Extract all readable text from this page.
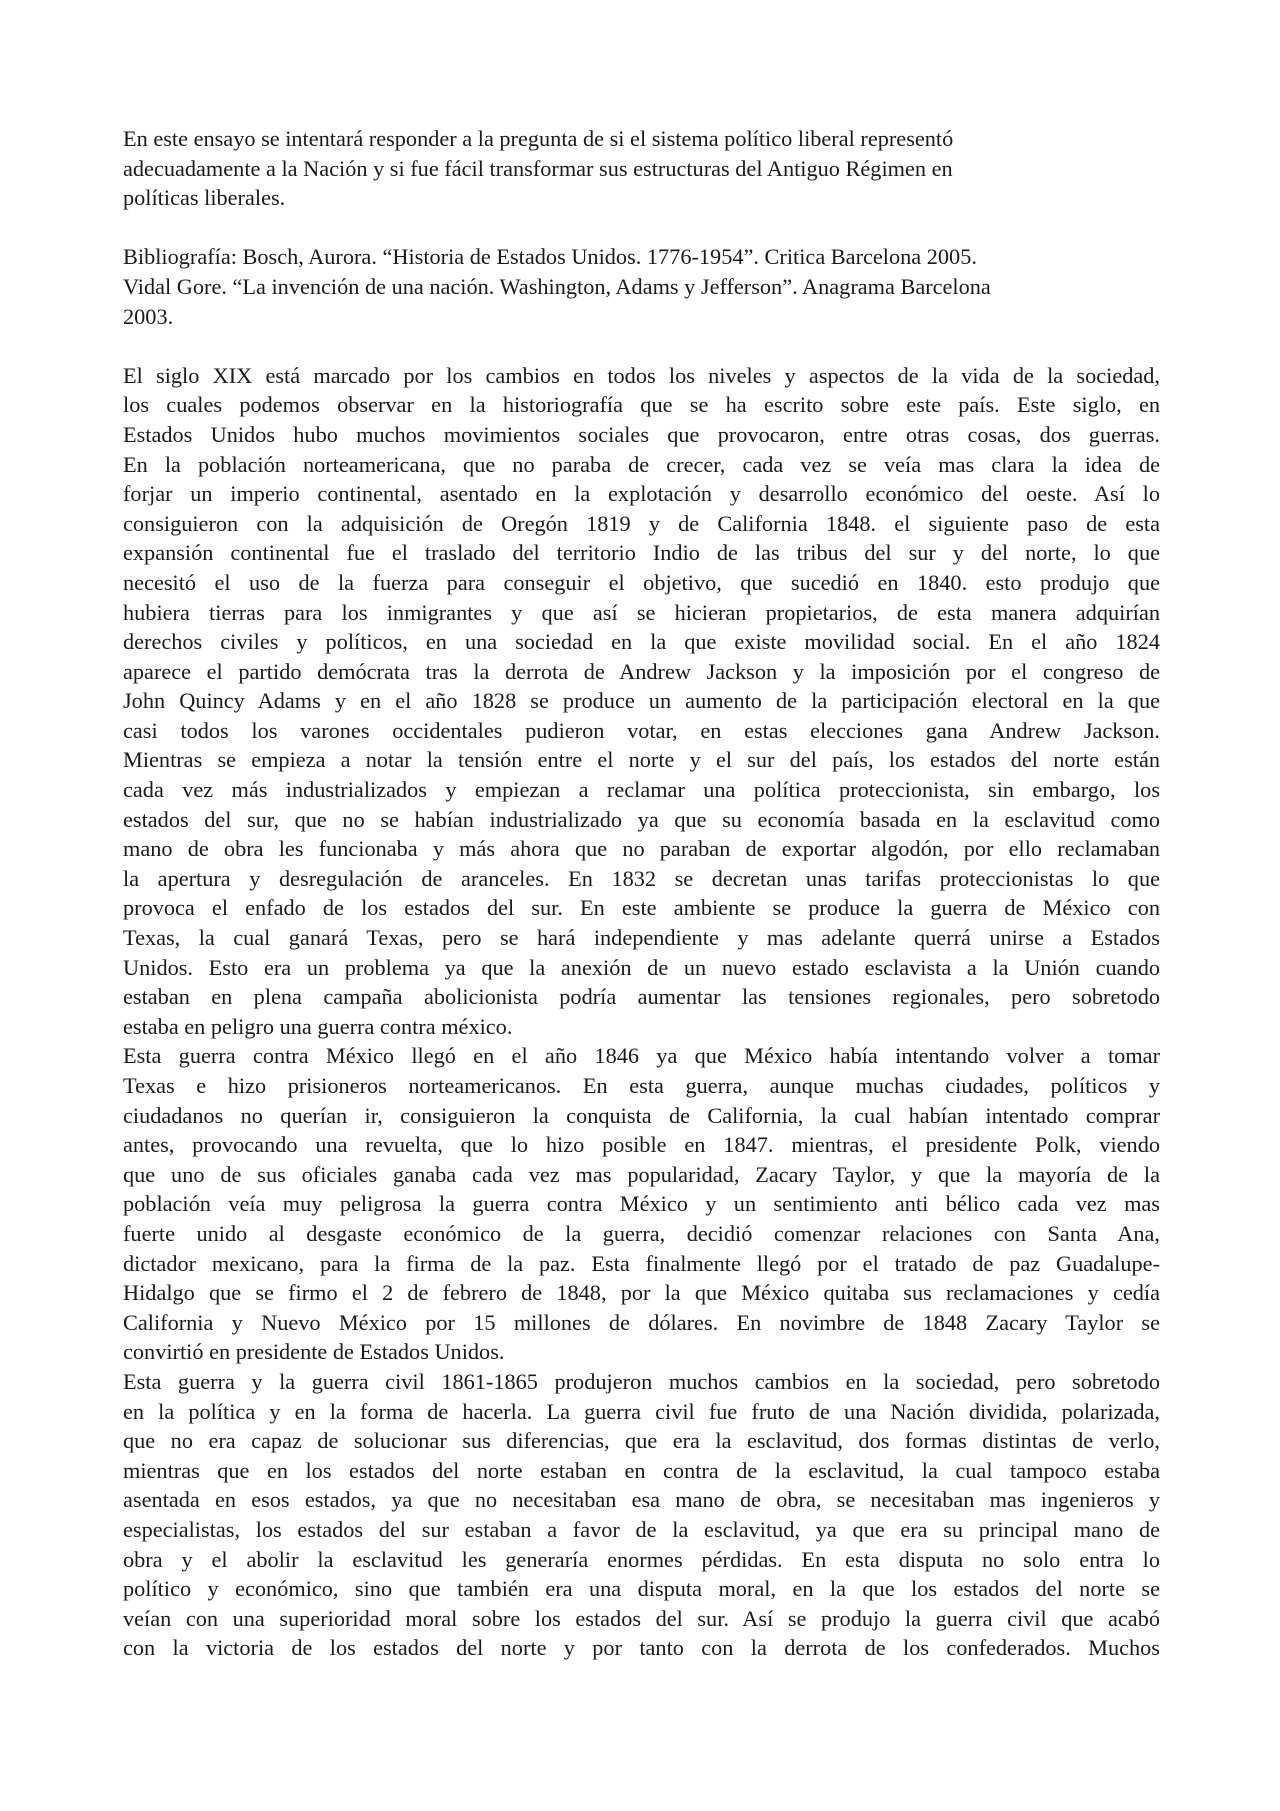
En este ensayo se intentará responder a la pregunta de si el sistema político liberal representó
adecuadamente a la Nación y si fue fácil transformar sus estructuras del Antiguo Régimen en
políticas liberales.
Bibliografía: Bosch, Aurora. “Historia de Estados Unidos. 1776-1954”. Critica Barcelona 2005.
Vidal Gore. “La invención de una nación. Washington, Adams y Jefferson”. Anagrama Barcelona
2003.
El siglo XIX está marcado por los cambios en todos los niveles y aspectos de la vida de la sociedad,
los cuales podemos observar en la historiografía que se ha escrito sobre este país. Este siglo, en
Estados Unidos hubo muchos movimientos sociales que provocaron, entre otras cosas, dos guerras.
En la población norteamericana, que no paraba de crecer, cada vez se veía mas clara la idea de
forjar un imperio continental, asentado en la explotación y desarrollo económico del oeste. Así lo
consiguieron con la adquisición de Oregón 1819 y de California 1848. el siguiente paso de esta
expansión continental fue el traslado del territorio Indio de las tribus del sur y del norte, lo que
necesitó el uso de la fuerza para conseguir el objetivo, que sucedió en 1840. esto produjo que
hubiera tierras para los inmigrantes y que así se hicieran propietarios, de esta manera adquirían
derechos civiles y políticos, en una sociedad en la que existe movilidad social. En el año 1824
aparece el partido demócrata tras la derrota de Andrew Jackson y la imposición por el congreso de
John Quincy Adams y en el año 1828 se produce un aumento de la participación electoral en la que
casi todos los varones occidentales pudieron votar, en estas elecciones gana Andrew Jackson.
Mientras se empieza a notar la tensión entre el norte y el sur del país, los estados del norte están
cada vez más industrializados y empiezan a reclamar una política proteccionista, sin embargo, los
estados del sur, que no se habían industrializado ya que su economía basada en la esclavitud como
mano de obra les funcionaba y más ahora que no paraban de exportar algodón, por ello reclamaban
la apertura y desregulación de aranceles. En 1832 se decretan unas tarifas proteccionistas lo que
provoca el enfado de los estados del sur. En este ambiente se produce la guerra de México con
Texas, la cual ganará Texas, pero se hará independiente y mas adelante querrá unirse a Estados
Unidos. Esto era un problema ya que la anexión de un nuevo estado esclavista a la Unión cuando
estaban en plena campaña abolicionista podría aumentar las tensiones regionales, pero sobretodo
estaba en peligro una guerra contra méxico.
Esta guerra contra México llegó en el año 1846 ya que México había intentando volver a tomar
Texas e hizo prisioneros norteamericanos. En esta guerra, aunque muchas ciudades, políticos y
ciudadanos no querían ir, consiguieron la conquista de California, la cual habían intentado comprar
antes, provocando una revuelta, que lo hizo posible en 1847. mientras, el presidente Polk, viendo
que uno de sus oficiales ganaba cada vez mas popularidad, Zacary Taylor, y que la mayoría de la
población veía muy peligrosa la guerra contra México y un sentimiento anti bélico cada vez mas
fuerte unido al desgaste económico de la guerra, decidió comenzar relaciones con Santa Ana,
dictador mexicano, para la firma de la paz. Esta finalmente llegó por el tratado de paz Guadalupe-
Hidalgo que se firmo el 2 de febrero de 1848, por la que México quitaba sus reclamaciones y cedía
California y Nuevo México por 15 millones de dólares. En novimbre de 1848 Zacary Taylor se
convirtió en presidente de Estados Unidos.
Esta guerra y la guerra civil 1861-1865 produjeron muchos cambios en la sociedad, pero sobretodo
en la política y en la forma de hacerla. La guerra civil fue fruto de una Nación dividida, polarizada,
que no era capaz de solucionar sus diferencias, que era la esclavitud, dos formas distintas de verlo,
mientras que en los estados del norte estaban en contra de la esclavitud, la cual tampoco estaba
asentada en esos estados, ya que no necesitaban esa mano de obra, se necesitaban mas ingenieros y
especialistas, los estados del sur estaban a favor de la esclavitud, ya que era su principal mano de
obra y el abolir la esclavitud les generaría enormes pérdidas. En esta disputa no solo entra lo
político y económico, sino que también era una disputa moral, en la que los estados del norte se
veían con una superioridad moral sobre los estados del sur. Así se produjo la guerra civil que acabó
con la victoria de los estados del norte y por tanto con la derrota de los confederados. Muchos
